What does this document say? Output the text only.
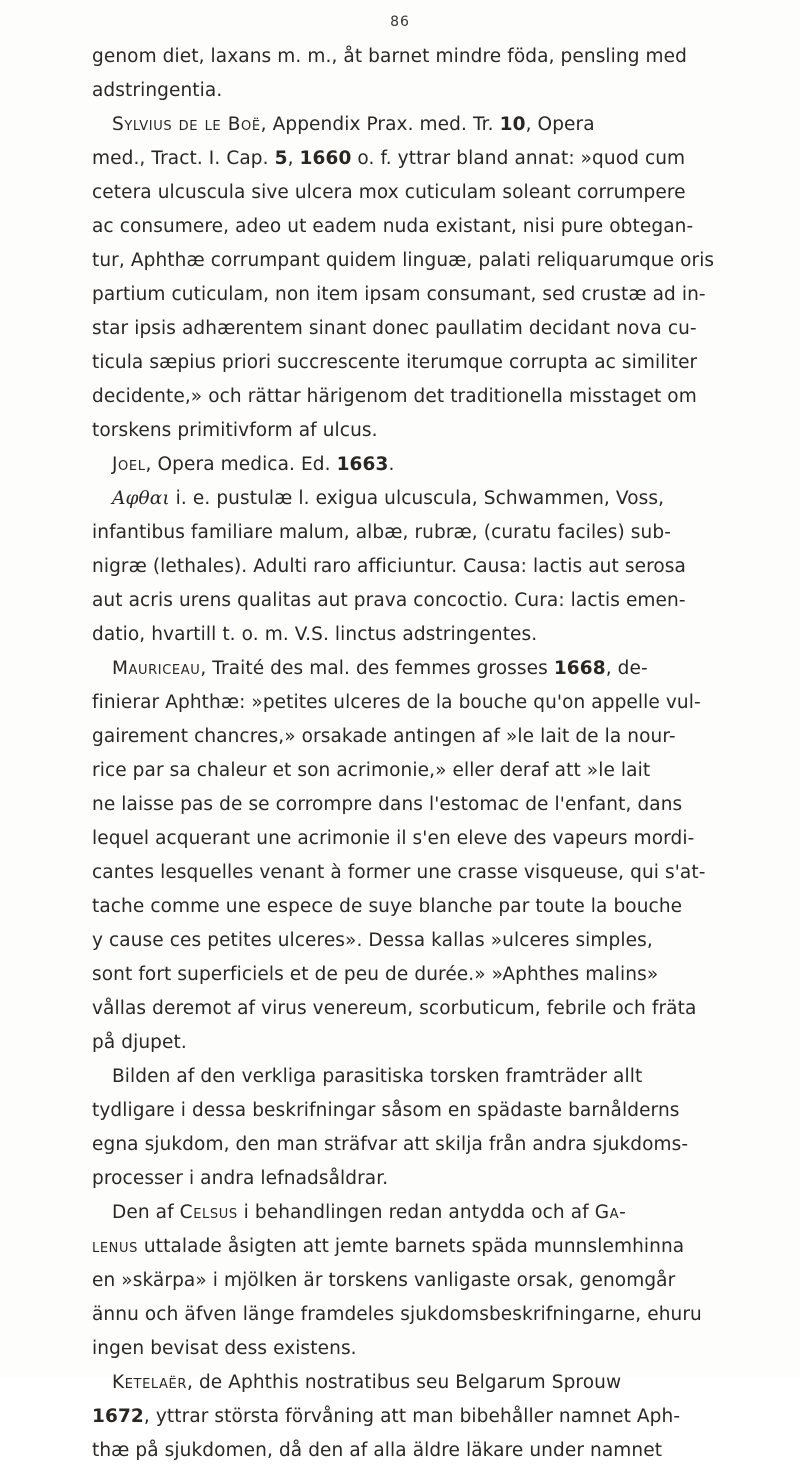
86
genom diet, laxans m. m., åt barnet mindre föda, pensling med
adstringentia.
Sylvius de le Boë, Appendix Prax. med. Tr. 10, Opera
med., Tract. I. Cap. 5, 1660 o. f. yttrar bland annat: »quod cum
cetera ulcuscula sive ulcera mox cuticulam soleant corrumpere
ac consumere, adeo ut eadem nuda existant, nisi pure obtegan-
tur, Aphthæ corrumpant quidem linguæ, palati reliquarumque oris
partium cuticulam, non item ipsam consumant, sed crustæ ad in-
star ipsis adhærentem sinant donec paullatim decidant nova cu-
ticula sæpius priori succrescente iterumque corrupta ac similiter
decidente,» och rättar härigenom det traditionella misstaget om
torskens primitivform af ulcus.
Joel, Opera medica. Ed. 1663.
Αφθαι i. e. pustulæ l. exigua ulcuscula, Schwammen, Voss,
infantibus familiare malum, albæ, rubræ, (curatu faciles) sub-
nigræ (lethales). Adulti raro afficiuntur. Causa: lactis aut serosa
aut acris urens qualitas aut prava concoctio. Cura: lactis emen-
datio, hvartill t. o. m. V.S. linctus adstringentes.
Mauriceau, Traité des mal. des femmes grosses 1668, de-
finierar Aphthæ: »petites ulceres de la bouche qu'on appelle vul-
gairement chancres,» orsakade antingen af »le lait de la nour-
rice par sa chaleur et son acrimonie,» eller deraf att »le lait
ne laisse pas de se corrompre dans l'estomac de l'enfant, dans
lequel acquerant une acrimonie il s'en eleve des vapeurs mordi-
cantes lesquelles venant à former une crasse visqueuse, qui s'at-
tache comme une espece de suye blanche par toute la bouche
y cause ces petites ulceres». Dessa kallas »ulceres simples,
sont fort superficiels et de peu de durée.» »Aphthes malins»
vållas deremot af virus venereum, scorbuticum, febrile och fräta
på djupet.
Bilden af den verkliga parasitiska torsken framträder allt
tydligare i dessa beskrifningar såsom en spädaste barnålderns
egna sjukdom, den man sträfvar att skilja från andra sjukdoms-
processer i andra lefnadsåldrar.
Den af Celsus i behandlingen redan antydda och af Ga-
lenus uttalade åsigten att jemte barnets späda munnslemhinna
en »skärpa» i mjölken är torskens vanligaste orsak, genomgår
ännu och äfven länge framdeles sjukdomsbeskrifningarne, ehuru
ingen bevisat dess existens.
Ketelaër, de Aphthis nostratibus seu Belgarum Sprouw
1672, yttrar största förvåning att man bibehåller namnet Aph-
thæ på sjukdomen, då den af alla äldre läkare under namnet
